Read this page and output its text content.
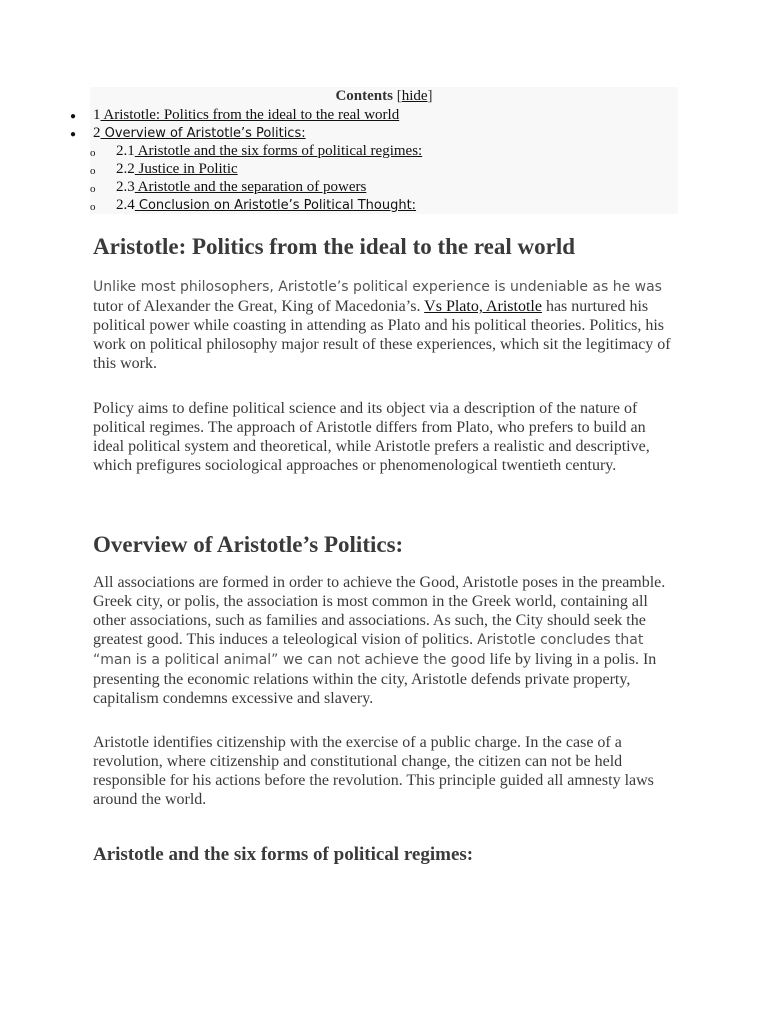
Contents [hide]
● 1 Aristotle: Politics from the ideal to the real world
● 2 Overview of Aristotle’s Politics:
o 2.1 Aristotle and the six forms of political regimes:
o 2.2 Justice in Politic
o 2.3 Aristotle and the separation of powers
o 2.4 Conclusion on Aristotle’s Political Thought:
Aristotle: Politics from the ideal to the real world

Unlike most philosophers, Aristotle’s political experience is undeniable as he was
tutor of Alexander the Great, King of Macedonia’s. Vs Plato, Aristotle has nurtured his political power while coasting in attending as Plato and his political theories. Politics, his work on political philosophy major result of these experiences, which sit the legitimacy of this work.

Policy aims to define political science and its object via a description of the nature of political regimes. The approach of Aristotle differs from Plato, who prefers to build an ideal political system and theoretical, while Aristotle prefers a realistic and descriptive, which prefigures sociological approaches or phenomenological twentieth century.

Overview of Aristotle’s Politics:

All associations are formed in order to achieve the Good, Aristotle poses in the preamble. Greek city, or polis, the association is most common in the Greek world, containing all other associations, such as families and associations. As such, the City should seek the greatest good. This induces a teleological vision of politics. Aristotle concludes that “man is a political animal” we can not achieve the good life by living in a polis. In presenting the economic relations within the city, Aristotle defends private property, capitalism condemns excessive and slavery.

Aristotle identifies citizenship with the exercise of a public charge. In the case of a revolution, where citizenship and constitutional change, the citizen can not be held responsible for his actions before the revolution. This principle guided all amnesty laws around the world.

Aristotle and the six forms of political regimes:
